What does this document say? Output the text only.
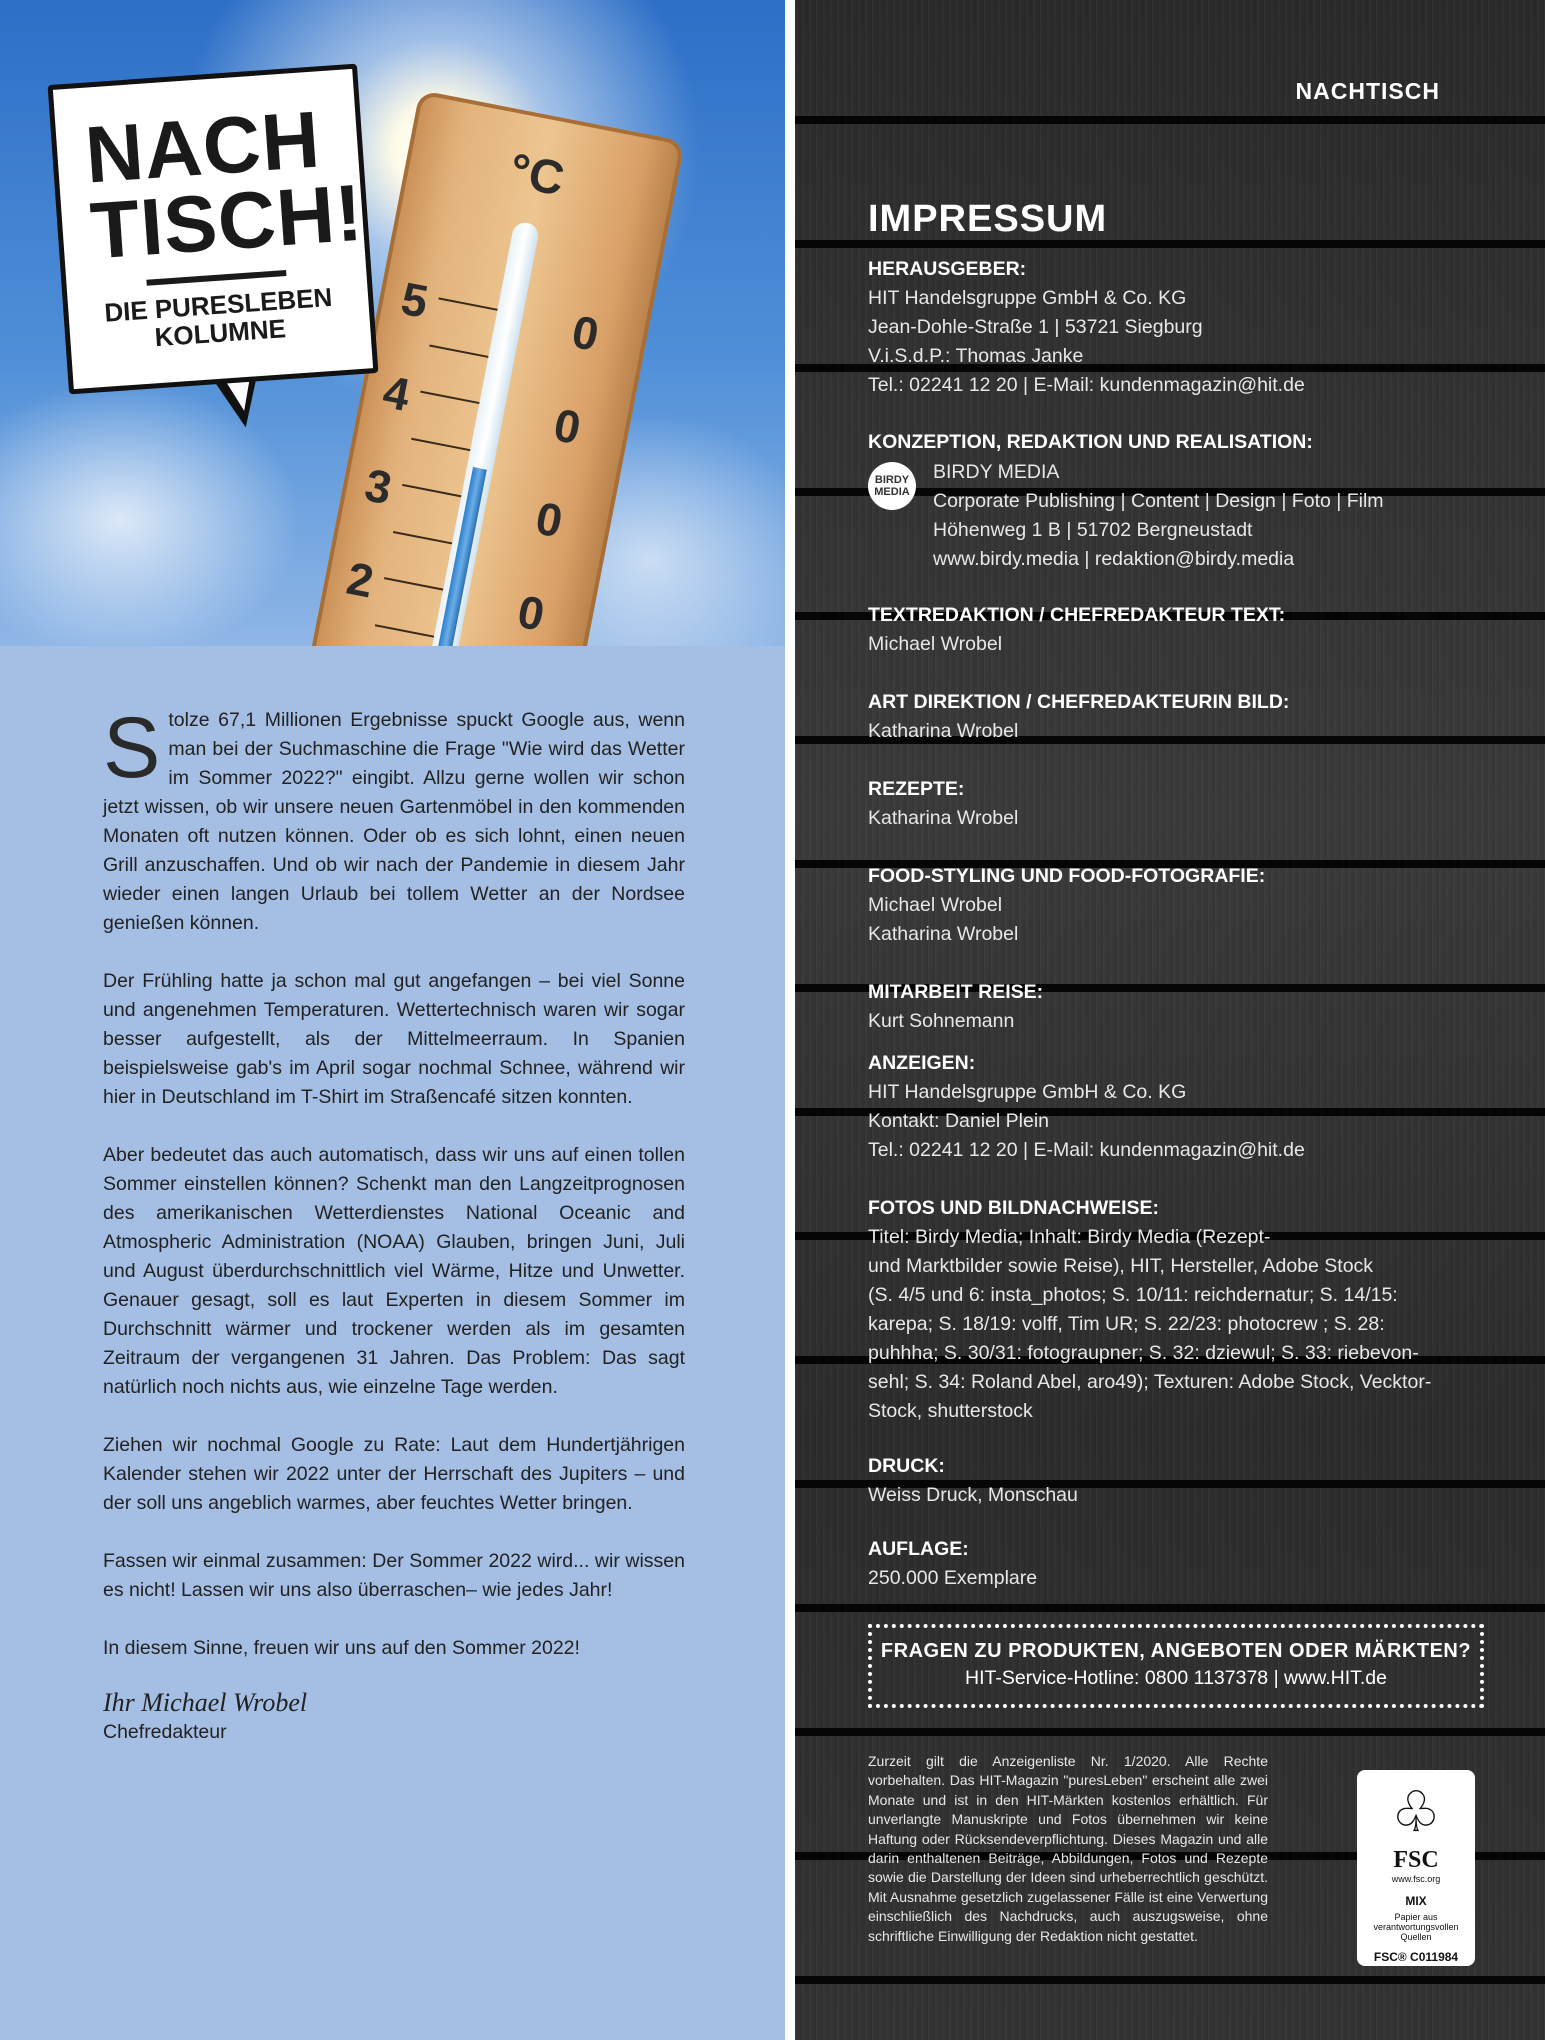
°C
5
4
3
2
0
0
0
0
NACH
TISCH!
DIE PURESLEBEN
KOLUMNE

Stolze 67,1 Millionen Ergebnisse spuckt Google aus, wenn man bei der Suchmaschine die Frage "Wie wird das Wetter im Sommer 2022?" eingibt. Allzu gerne wollen wir schon jetzt wissen, ob wir unsere neuen Gartenmöbel in den kommenden Monaten oft nutzen können. Oder ob es sich lohnt, einen neuen Grill anzuschaffen. Und ob wir nach der Pandemie in diesem Jahr wieder einen langen Urlaub bei tollem Wetter an der Nordsee genießen können.

Der Frühling hatte ja schon mal gut angefangen – bei viel Sonne und angenehmen Temperaturen. Wettertechnisch waren wir sogar besser aufgestellt, als der Mittelmeerraum. In Spanien beispielsweise gab's im April sogar nochmal Schnee, während wir hier in Deutschland im T-Shirt im Straßencafé sitzen konnten.

Aber bedeutet das auch automatisch, dass wir uns auf einen tollen Sommer einstellen können? Schenkt man den Langzeitprognosen des amerikanischen Wetterdienstes National Oceanic and Atmospheric Administration (NOAA) Glauben, bringen Juni, Juli und August überdurchschnittlich viel Wärme, Hitze und Unwetter. Genauer gesagt, soll es laut Experten in diesem Sommer im Durchschnitt wärmer und trockener werden als im gesamten Zeitraum der vergangenen 31 Jahren. Das Problem: Das sagt natürlich noch nichts aus, wie einzelne Tage werden.

Ziehen wir nochmal Google zu Rate: Laut dem Hundertjährigen Kalender stehen wir 2022 unter der Herrschaft des Jupiters – und der soll uns angeblich warmes, aber feuchtes Wetter bringen.

Fassen wir einmal zusammen: Der Sommer 2022 wird... wir wissen es nicht! Lassen wir uns also überraschen– wie jedes Jahr!

In diesem Sinne, freuen wir uns auf den Sommer 2022!

Ihr Michael Wrobel

Chefredakteur

NACHTISCH
IMPRESSUM
HERAUSGEBER:
HIT Handelsgruppe GmbH & Co. KG
Jean-Dohle-Straße 1 | 53721 Siegburg
V.i.S.d.P.: Thomas Janke
Tel.: 02241 12 20 | E-Mail: kundenmagazin@hit.de
KONZEPTION, REDAKTION UND REALISATION:
BIRDY MEDIA
BIRDY MEDIA
Corporate Publishing | Content | Design | Foto | Film
Höhenweg 1 B | 51702 Bergneustadt
www.birdy.media | redaktion@birdy.media
TEXTREDAKTION / CHEFREDAKTEUR TEXT:
Michael Wrobel
ART DIREKTION / CHEFREDAKTEURIN BILD:
Katharina Wrobel
REZEPTE:
Katharina Wrobel
FOOD-STYLING UND FOOD-FOTOGRAFIE:
Michael Wrobel
Katharina Wrobel
MITARBEIT REISE:
Kurt Sohnemann
ANZEIGEN:
HIT Handelsgruppe GmbH & Co. KG
Kontakt: Daniel Plein
Tel.: 02241 12 20 | E-Mail: kundenmagazin@hit.de
FOTOS UND BILDNACHWEISE:
Titel: Birdy Media; Inhalt: Birdy Media (Rezept-
und Marktbilder sowie Reise), HIT, Hersteller, Adobe Stock
(S. 4/5 und 6: insta_photos; S. 10/11: reichdernatur; S. 14/15:
karepa; S. 18/19: volff, Tim UR; S. 22/23: photocrew ; S. 28:
puhhha; S. 30/31: fotograupner; S. 32: dziewul; S. 33: riebevon-
sehl; S. 34: Roland Abel, aro49); Texturen: Adobe Stock, Vecktor-
Stock, shutterstock
DRUCK:
Weiss Druck, Monschau
AUFLAGE:
250.000 Exemplare
FRAGEN ZU PRODUKTEN, ANGEBOTEN ODER MÄRKTEN?
HIT-Service-Hotline: 0800 1137378 | www.HIT.de
Zurzeit gilt die Anzeigenliste Nr. 1/2020. Alle Rechte vorbehalten. Das HIT-Magazin "puresLeben" erscheint alle zwei Monate und ist in den HIT-Märkten kostenlos erhältlich. Für unverlangte Manuskripte und Fotos übernehmen wir keine Haftung oder Rücksendeverpflichtung. Dieses Magazin und alle darin enthaltenen Beiträge, Abbildungen, Fotos und Rezepte sowie die Darstellung der Ideen sind urheberrechtlich geschützt. Mit Ausnahme gesetzlich zugelassener Fälle ist eine Verwertung einschließlich des Nachdrucks, auch auszugsweise, ohne schriftliche Einwilligung der Redaktion nicht gestattet.
♧
FSC
www.fsc.org
MIX
Papier aus verantwortungsvollen Quellen
FSC® C011984
